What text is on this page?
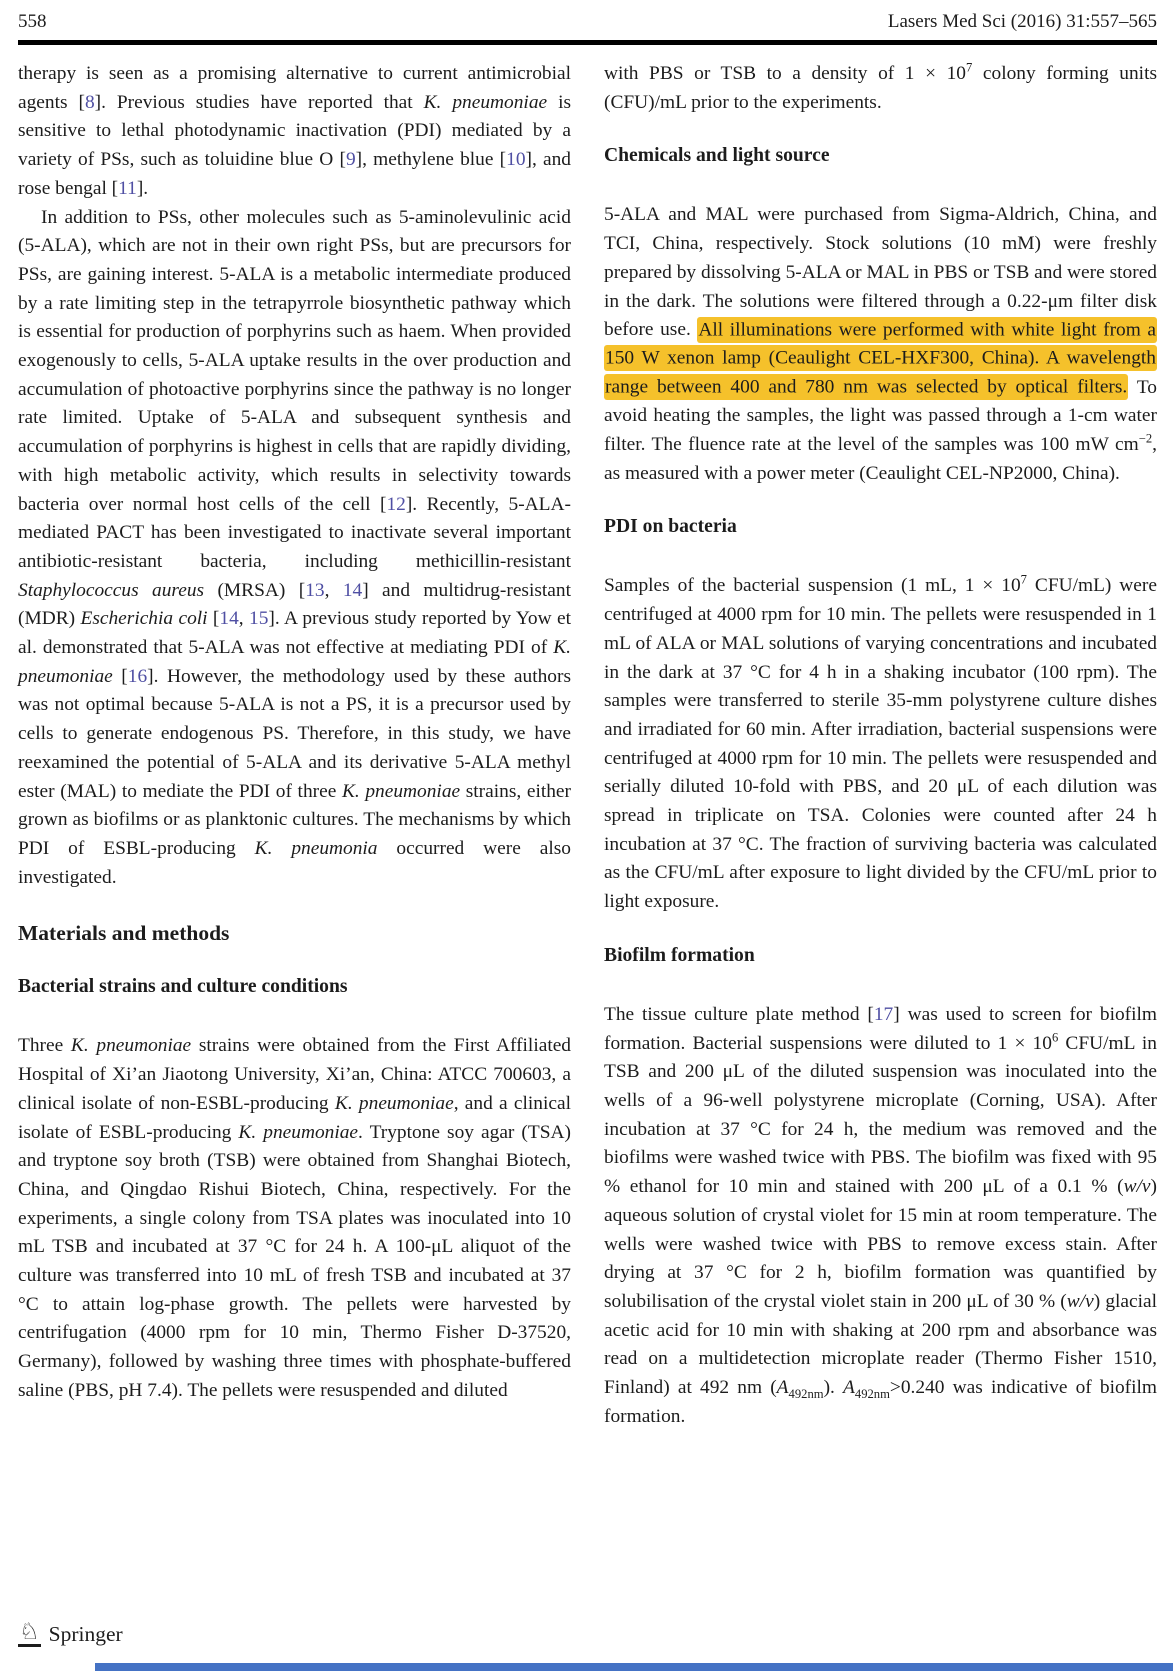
558	Lasers Med Sci (2016) 31:557–565

therapy is seen as a promising alternative to current antimicrobial agents [8]. Previous studies have reported that K. pneumoniae is sensitive to lethal photodynamic inactivation (PDI) mediated by a variety of PSs, such as toluidine blue O [9], methylene blue [10], and rose bengal [11].

In addition to PSs, other molecules such as 5-aminolevulinic acid (5-ALA), which are not in their own right PSs, but are precursors for PSs, are gaining interest. 5-ALA is a metabolic intermediate produced by a rate limiting step in the tetrapyrrole biosynthetic pathway which is essential for production of porphyrins such as haem. When provided exogenously to cells, 5-ALA uptake results in the over production and accumulation of photoactive porphyrins since the pathway is no longer rate limited. Uptake of 5-ALA and subsequent synthesis and accumulation of porphyrins is highest in cells that are rapidly dividing, with high metabolic activity, which results in selectivity towards bacteria over normal host cells of the cell [12]. Recently, 5-ALA-mediated PACT has been investigated to inactivate several important antibiotic-resistant bacteria, including methicillin-resistant Staphylococcus aureus (MRSA) [13, 14] and multidrug-resistant (MDR) Escherichia coli [14, 15]. A previous study reported by Yow et al. demonstrated that 5-ALA was not effective at mediating PDI of K. pneumoniae [16]. However, the methodology used by these authors was not optimal because 5-ALA is not a PS, it is a precursor used by cells to generate endogenous PS. Therefore, in this study, we have reexamined the potential of 5-ALA and its derivative 5-ALA methyl ester (MAL) to mediate the PDI of three K. pneumoniae strains, either grown as biofilms or as planktonic cultures. The mechanisms by which PDI of ESBL-producing K. pneumonia occurred were also investigated.

Materials and methods
Bacterial strains and culture conditions

Three K. pneumoniae strains were obtained from the First Affiliated Hospital of Xi’an Jiaotong University, Xi’an, China: ATCC 700603, a clinical isolate of non-ESBL-producing K. pneumoniae, and a clinical isolate of ESBL-producing K. pneumoniae. Tryptone soy agar (TSA) and tryptone soy broth (TSB) were obtained from Shanghai Biotech, China, and Qingdao Rishui Biotech, China, respectively. For the experiments, a single colony from TSA plates was inoculated into 10 mL TSB and incubated at 37 °C for 24 h. A 100-μL aliquot of the culture was transferred into 10 mL of fresh TSB and incubated at 37 °C to attain log-phase growth. The pellets were harvested by centrifugation (4000 rpm for 10 min, Thermo Fisher D-37520, Germany), followed by washing three times with phosphate-buffered saline (PBS, pH 7.4). The pellets were resuspended and diluted

with PBS or TSB to a density of $1 \times 10^7$ colony forming units (CFU)/mL prior to the experiments.

Chemicals and light source

5-ALA and MAL were purchased from Sigma-Aldrich, China, and TCI, China, respectively. Stock solutions (10 mM) were freshly prepared by dissolving 5-ALA or MAL in PBS or TSB and were stored in the dark. The solutions were filtered through a 0.22-μm filter disk before use. All illuminations were performed with white light from a 150 W xenon lamp (Ceaulight CEL-HXF300, China). A wavelength range between 400 and 780 nm was selected by optical filters. To avoid heating the samples, the light was passed through a 1-cm water filter. The fluence rate at the level of the samples was 100 mW $cm^{-2}$, as measured with a power meter (Ceaulight CEL-NP2000, China).

PDI on bacteria

Samples of the bacterial suspension (1 mL, $1 \times 10^7$ CFU/mL) were centrifuged at 4000 rpm for 10 min. The pellets were resuspended in 1 mL of ALA or MAL solutions of varying concentrations and incubated in the dark at 37 °C for 4 h in a shaking incubator (100 rpm). The samples were transferred to sterile 35-mm polystyrene culture dishes and irradiated for 60 min. After irradiation, bacterial suspensions were centrifuged at 4000 rpm for 10 min. The pellets were resuspended and serially diluted 10-fold with PBS, and 20 μL of each dilution was spread in triplicate on TSA. Colonies were counted after 24 h incubation at 37 °C. The fraction of surviving bacteria was calculated as the CFU/mL after exposure to light divided by the CFU/mL prior to light exposure.

Biofilm formation

The tissue culture plate method [17] was used to screen for biofilm formation. Bacterial suspensions were diluted to $1 \times 10^6$ CFU/mL in TSB and 200 μL of the diluted suspension was inoculated into the wells of a 96-well polystyrene microplate (Corning, USA). After incubation at 37 °C for 24 h, the medium was removed and the biofilms were washed twice with PBS. The biofilm was fixed with 95 % ethanol for 10 min and stained with 200 μL of a 0.1 % (w/v) aqueous solution of crystal violet for 15 min at room temperature. The wells were washed twice with PBS to remove excess stain. After drying at 37 °C for 2 h, biofilm formation was quantified by solubilisation of the crystal violet stain in 200 μL of 30 % (w/v) glacial acetic acid for 10 min with shaking at 200 rpm and absorbance was read on a multidetection microplate reader (Thermo Fisher 1510, Finland) at 492 nm $(A_{492nm})$. $A_{492nm}>0.240$ was indicative of biofilm formation.

♘ Springer
